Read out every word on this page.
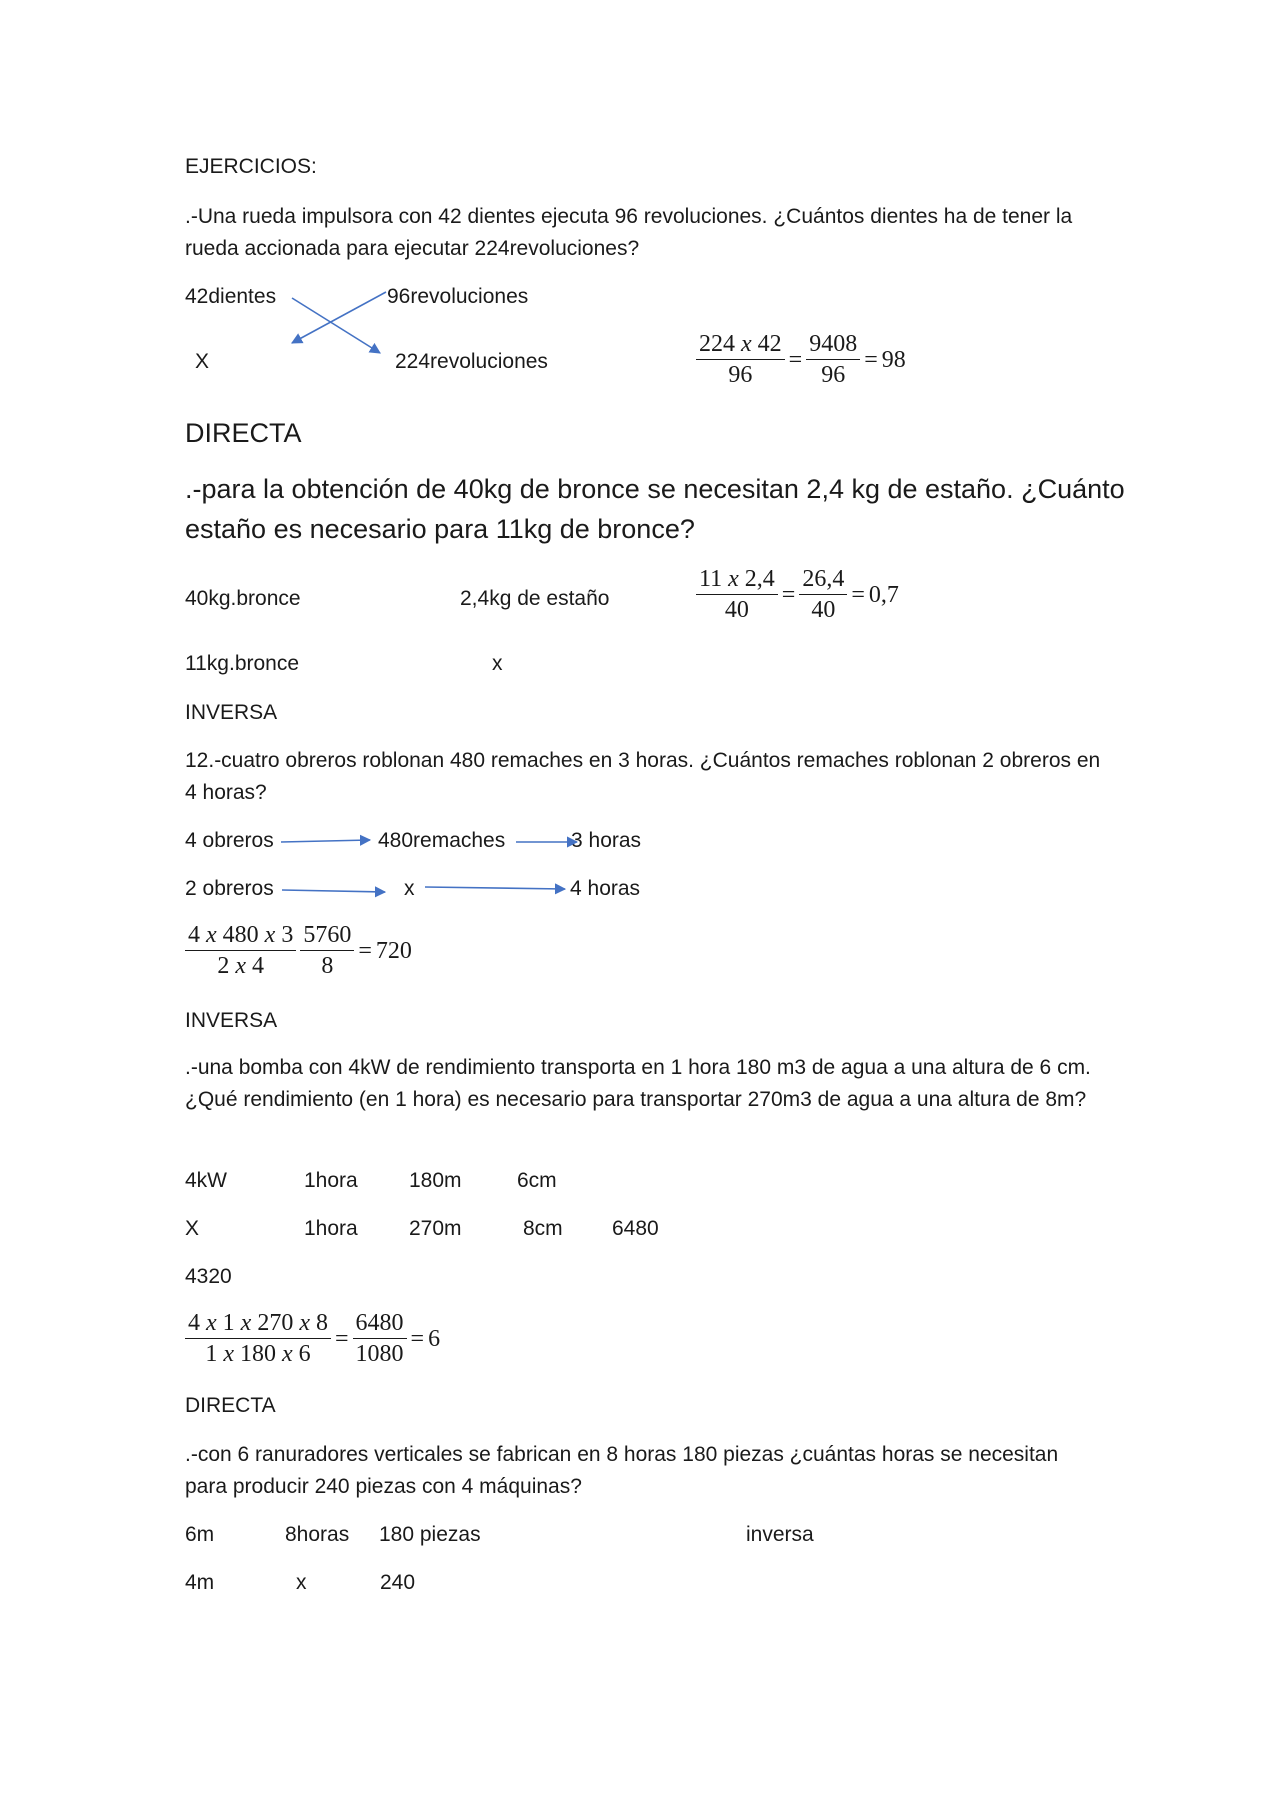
EJERCICIOS:
.-Una rueda impulsora con 42 dientes ejecuta 96 revoluciones. ¿Cuántos dientes ha de tener la rueda accionada para ejecutar 224revoluciones?
42dientes	96revoluciones
X	224revoluciones	$\frac{224 x 42}{96} = \frac{9408}{96} = 98$
DIRECTA
.-para la obtención de 40kg de bronce se necesitan 2,4 kg de estaño. ¿Cuánto estaño es necesario para 11kg de bronce?
40kg.bronce	2,4kg de estaño
11kg.bronce	x
$\frac{11 x 2,4}{40} = \frac{26,4}{40} = 0,7$
INVERSA
12.-cuatro obreros roblonan 480 remaches en 3 horas. ¿Cuántos remaches roblonan 2 obreros en 4 horas?
4 obreros	480remaches	3 horas
2 obreros	x	4 horas
$\frac{4 x 480 x 3}{2 x 4} \frac{5760}{8} = 720$
INVERSA
.-una bomba con 4kW de rendimiento transporta en 1 hora 180 m3 de agua a una altura de 6 cm. ¿Qué rendimiento (en 1 hora) es necesario para transportar 270m3 de agua a una altura de 8m?
4kW	1hora 180m	6cm
X	1hora 270m	8cm 6480
4320
$\frac{4 x 1 x 270 x 8}{1 x 180 x 6} = \frac{6480}{1080} = 6$
DIRECTA
.-con 6 ranuradores verticales se fabrican en 8 horas 180 piezas ¿cuántas horas se necesitan para producir 240 piezas con 4 máquinas?
6m	8horas 180 piezas	inversa
4m	x	240
